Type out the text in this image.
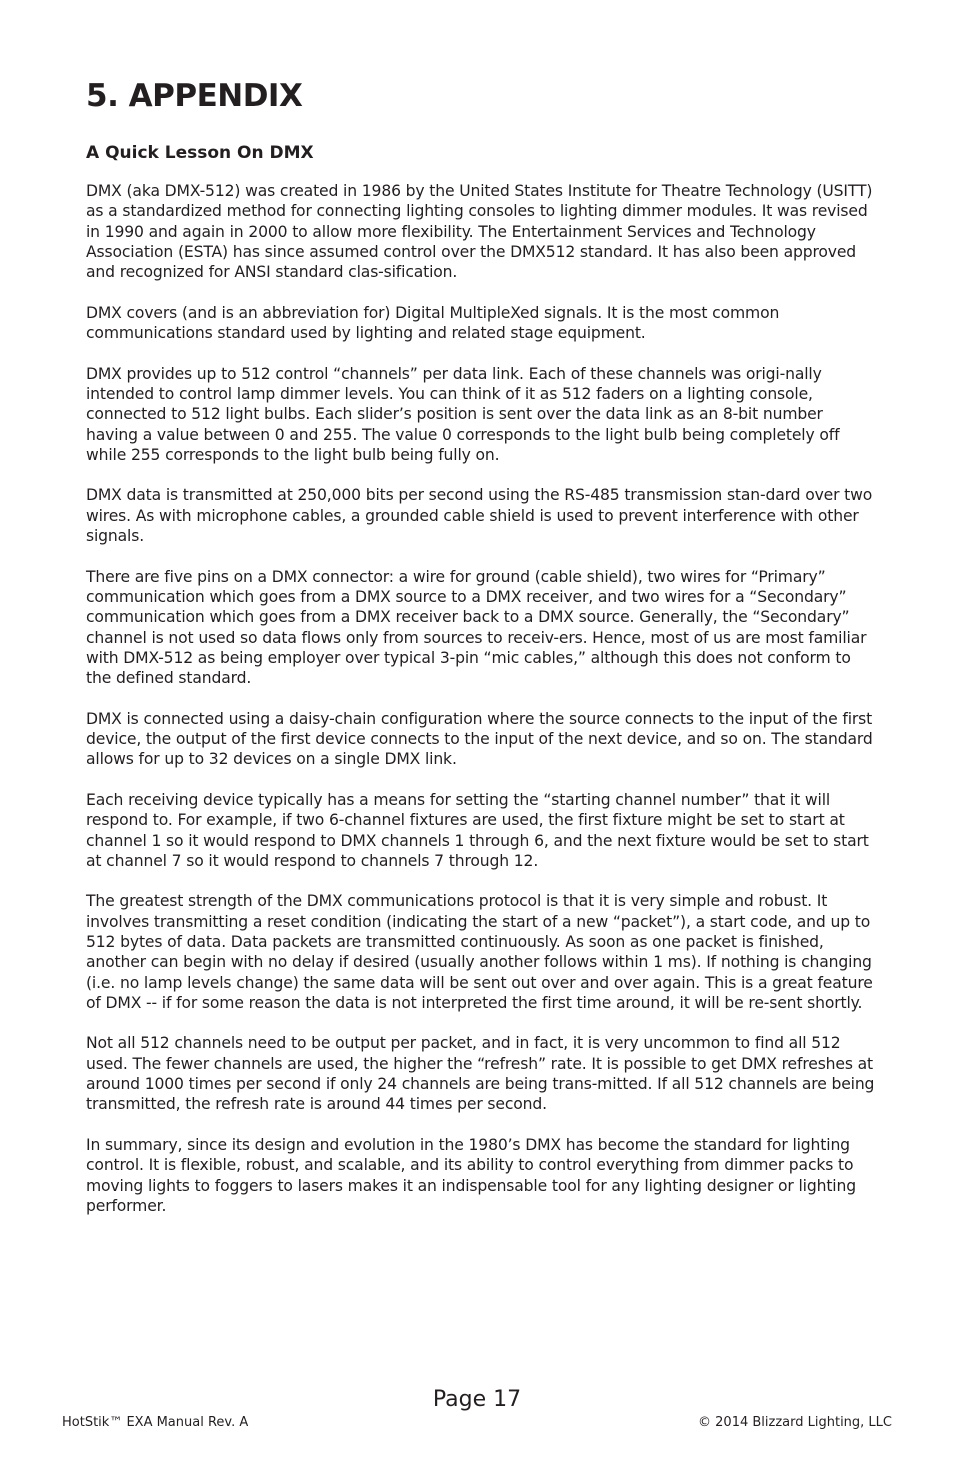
5. APPENDIX
A Quick Lesson On DMX

DMX (aka DMX-512) was created in 1986 by the United States Institute for Theatre Technology (USITT) as a standardized method for connecting lighting consoles to lighting dimmer modules. It was revised in 1990 and again in 2000 to allow more flexibility. The Entertainment Services and Technology Association (ESTA) has since assumed control over the DMX512 standard. It has also been approved and recognized for ANSI standard clas-sification.

DMX covers (and is an abbreviation for) Digital MultipleXed signals. It is the most common communications standard used by lighting and related stage equipment.

DMX provides up to 512 control “channels” per data link. Each of these channels was origi-nally intended to control lamp dimmer levels. You can think of it as 512 faders on a lighting console, connected to 512 light bulbs. Each slider’s position is sent over the data link as an 8-bit number having a value between 0 and 255. The value 0 corresponds to the light bulb being completely off while 255 corresponds to the light bulb being fully on.

DMX data is transmitted at 250,000 bits per second using the RS-485 transmission stan-dard over two wires. As with microphone cables, a grounded cable shield is used to prevent interference with other signals.

There are five pins on a DMX connector: a wire for ground (cable shield), two wires for “Primary” communication which goes from a DMX source to a DMX receiver, and two wires for a “Secondary” communication which goes from a DMX receiver back to a DMX source. Generally, the “Secondary” channel is not used so data flows only from sources to receiv-ers. Hence, most of us are most familiar with DMX-512 as being employer over typical 3-pin “mic cables,” although this does not conform to the defined standard.

DMX is connected using a daisy-chain configuration where the source connects to the input of the first device, the output of the first device connects to the input of the next device, and so on. The standard allows for up to 32 devices on a single DMX link.

Each receiving device typically has a means for setting the “starting channel number” that it will respond to. For example, if two 6-channel fixtures are used, the first fixture might be set to start at channel 1 so it would respond to DMX channels 1 through 6, and the next fixture would be set to start at channel 7 so it would respond to channels 7 through 12.

The greatest strength of the DMX communications protocol is that it is very simple and robust. It involves transmitting a reset condition (indicating the start of a new “packet”), a start code, and up to 512 bytes of data. Data packets are transmitted continuously. As soon as one packet is finished, another can begin with no delay if desired (usually another follows within 1 ms). If nothing is changing (i.e. no lamp levels change) the same data will be sent out over and over again. This is a great feature of DMX -- if for some reason the data is not interpreted the first time around, it will be re-sent shortly.

Not all 512 channels need to be output per packet, and in fact, it is very uncommon to find all 512 used. The fewer channels are used, the higher the “refresh” rate. It is possible to get DMX refreshes at around 1000 times per second if only 24 channels are being trans-mitted. If all 512 channels are being transmitted, the refresh rate is around 44 times per second.

In summary, since its design and evolution in the 1980’s DMX has become the standard for lighting control. It is flexible, robust, and scalable, and its ability to control everything from dimmer packs to moving lights to foggers to lasers makes it an indispensable tool for any lighting designer or lighting performer.

Page 17
HotStik™ EXA Manual Rev. A	© 2014 Blizzard Lighting, LLC
